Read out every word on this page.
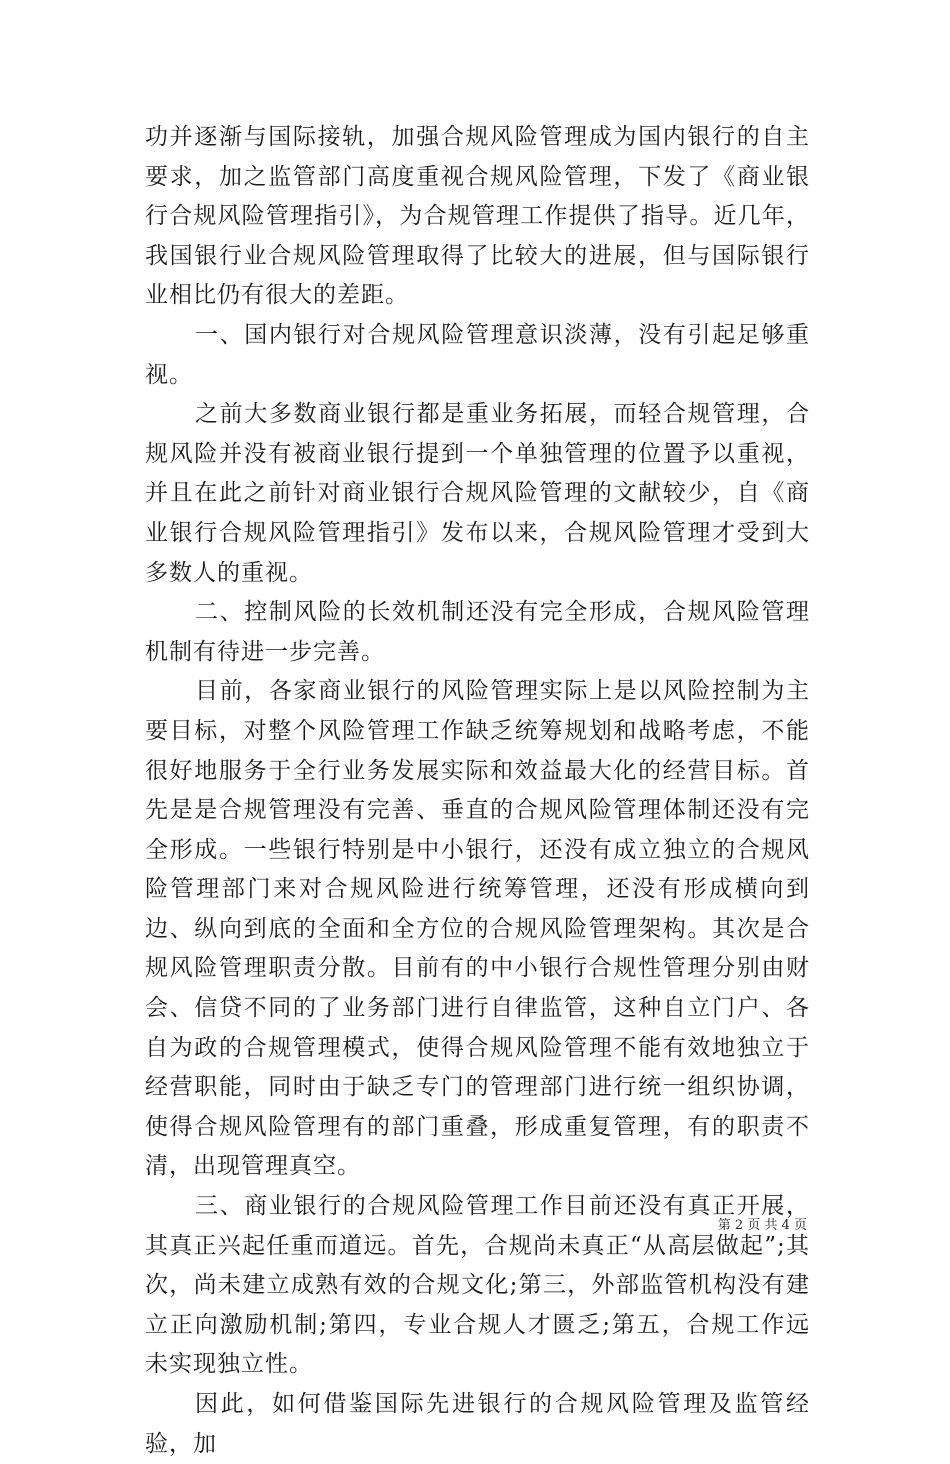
功并逐渐与国际接轨，加强合规风险管理成为国内银行的自主要求，加之监管部门高度重视合规风险管理，下发了《商业银行合规风险管理指引》，为合规管理工作提供了指导。近几年，我国银行业合规风险管理取得了比较大的进展，但与国际银行业相比仍有很大的差距。

一、国内银行对合规风险管理意识淡薄，没有引起足够重视。

之前大多数商业银行都是重业务拓展，而轻合规管理，合规风险并没有被商业银行提到一个单独管理的位置予以重视，并且在此之前针对商业银行合规风险管理的文献较少，自《商业银行合规风险管理指引》发布以来，合规风险管理才受到大多数人的重视。

二、控制风险的长效机制还没有完全形成，合规风险管理机制有待进一步完善。

目前，各家商业银行的风险管理实际上是以风险控制为主要目标，对整个风险管理工作缺乏统筹规划和战略考虑，不能很好地服务于全行业务发展实际和效益最大化的经营目标。首先是是合规管理没有完善、垂直的合规风险管理体制还没有完全形成。一些银行特别是中小银行，还没有成立独立的合规风险管理部门来对合规风险进行统筹管理，还没有形成横向到边、纵向到底的全面和全方位的合规风险管理架构。其次是合规风险管理职责分散。目前有的中小银行合规性管理分别由财会、信贷不同的了业务部门进行自律监管，这种自立门户、各自为政的合规管理模式，使得合规风险管理不能有效地独立于经营职能，同时由于缺乏专门的管理部门进行统一组织协调，使得合规风险管理有的部门重叠，形成重复管理，有的职责不清，出现管理真空。

三、商业银行的合规风险管理工作目前还没有真正开展，其真正兴起任重而道远。首先，合规尚未真正“从高层做起”;其次，尚未建立成熟有效的合规文化;第三，外部监管机构没有建立正向激励机制;第四，专业合规人才匮乏;第五，合规工作远未实现独立性。

因此，如何借鉴国际先进银行的合规风险管理及监管经验，加

第 2 页 共 4 页
